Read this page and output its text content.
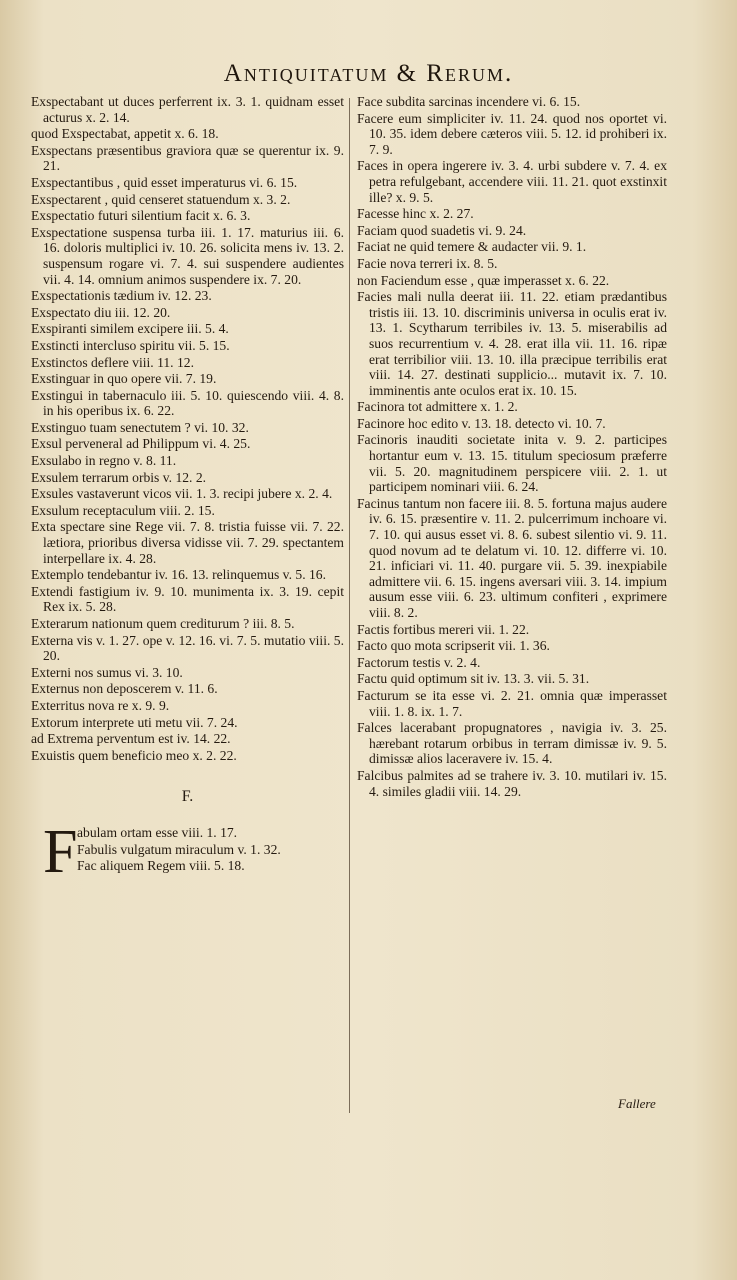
Antiquitatum & Rerum.

Exspectabant ut duces perferrent ix. 3. 1. quidnam esset acturus x. 2. 14.

quod Exspectabat, appetit x. 6. 18.

Exspectans præsentibus graviora quæ se querentur ix. 9. 21.

Exspectantibus , quid esset imperaturus vi. 6. 15.

Exspectarent , quid censeret statuendum x. 3. 2.

Exspectatio futuri silentium facit x. 6. 3.

Exspectatione suspensa turba iii. 1. 17. maturius iii. 6. 16. doloris multiplici iv. 10. 26. solicita mens iv. 13. 2. suspensum rogare vi. 7. 4. sui suspendere audientes vii. 4. 14. omnium animos suspendere ix. 7. 20.

Exspectationis tædium iv. 12. 23.

Exspectato diu iii. 12. 20.

Exspiranti similem excipere iii. 5. 4.

Exstincti intercluso spiritu vii. 5. 15.

Exstinctos deflere viii. 11. 12.

Exstinguar in quo opere vii. 7. 19.

Exstingui in tabernaculo iii. 5. 10. quiescendo viii. 4. 8. in his operibus ix. 6. 22.

Exstinguo tuam senectutem ? vi. 10. 32.

Exsul perveneral ad Philippum vi. 4. 25.

Exsulabo in regno v. 8. 11.

Exsulem terrarum orbis v. 12. 2.

Exsules vastaverunt vicos vii. 1. 3. recipi jubere x. 2. 4.

Exsulum receptaculum viii. 2. 15.

Exta spectare sine Rege vii. 7. 8. tristia fuisse vii. 7. 22. lætiora, prioribus diversa vidisse vii. 7. 29. spectantem interpellare ix. 4. 28.

Extemplo tendebantur iv. 16. 13. relinquemus v. 5. 16.

Extendi fastigium iv. 9. 10. munimenta ix. 3. 19. cepit Rex ix. 5. 28.

Exterarum nationum quem crediturum ? iii. 8. 5.

Externa vis v. 1. 27. ope v. 12. 16. vi. 7. 5. mutatio viii. 5. 20.

Externi nos sumus vi. 3. 10.

Externus non deposcerem v. 11. 6.

Exterritus nova re x. 9. 9.

Extorum interprete uti metu vii. 7. 24.

ad Extrema perventum est iv. 14. 22.

Exuistis quem beneficio meo x. 2. 22.

F.
F abulam ortam esse viii. 1. 17.

Fabulis vulgatum miraculum v. 1. 32.

Fac aliquem Regem viii. 5. 18.

Face subdita sarcinas incendere vi. 6. 15.

Facere eum simpliciter iv. 11. 24. quod nos oportet vi. 10. 35. idem debere cæteros viii. 5. 12. id prohiberi ix. 7. 9.

Faces in opera ingerere iv. 3. 4. urbi subdere v. 7. 4. ex petra refulgebant, accendere viii. 11. 21. quot exstinxit ille? x. 9. 5.

Facesse hinc x. 2. 27.

Faciam quod suadetis vi. 9. 24.

Faciat ne quid temere & audacter vii. 9. 1.

Facie nova terreri ix. 8. 5.

non Faciendum esse , quæ imperasset x. 6. 22.

Facies mali nulla deerat iii. 11. 22. etiam prædantibus tristis iii. 13. 10. discriminis universa in oculis erat iv. 13. 1. Scytharum terribiles iv. 13. 5. miserabilis ad suos recurrentium v. 4. 28. erat illa vii. 11. 16. ripæ erat terribilior viii. 13. 10. illa præcipue terribilis erat viii. 14. 27. destinati supplicio... mutavit ix. 7. 10. imminentis ante oculos erat ix. 10. 15.

Facinora tot admittere x. 1. 2.

Facinore hoc edito v. 13. 18. detecto vi. 10. 7.

Facinoris inauditi societate inita v. 9. 2. participes hortantur eum v. 13. 15. titulum speciosum præferre vii. 5. 20. magnitudinem perspicere viii. 2. 1. ut participem nominari viii. 6. 24.

Facinus tantum non facere iii. 8. 5. fortuna majus audere iv. 6. 15. præsentire v. 11. 2. pulcerrimum inchoare vi. 7. 10. qui ausus esset vi. 8. 6. subest silentio vi. 9. 11. quod novum ad te delatum vi. 10. 12. differre vi. 10. 21. inficiari vi. 11. 40. purgare vii. 5. 39. inexpiabile admittere vii. 6. 15. ingens aversari viii. 3. 14. impium ausum esse viii. 6. 23. ultimum confiteri , exprimere viii. 8. 2.

Factis fortibus mereri vii. 1. 22.

Facto quo mota scripserit vii. 1. 36.

Factorum testis v. 2. 4.

Factu quid optimum sit iv. 13. 3. vii. 5. 31.

Facturum se ita esse vi. 2. 21. omnia quæ imperasset viii. 1. 8. ix. 1. 7.

Falces lacerabant propugnatores , navigia iv. 3. 25. hærebant rotarum orbibus in terram dimissæ iv. 9. 5. dimissæ alios laceravere iv. 15. 4.

Falcibus palmites ad se trahere iv. 3. 10. mutilari iv. 15. 4. similes gladii viii. 14. 29.

Fallere
